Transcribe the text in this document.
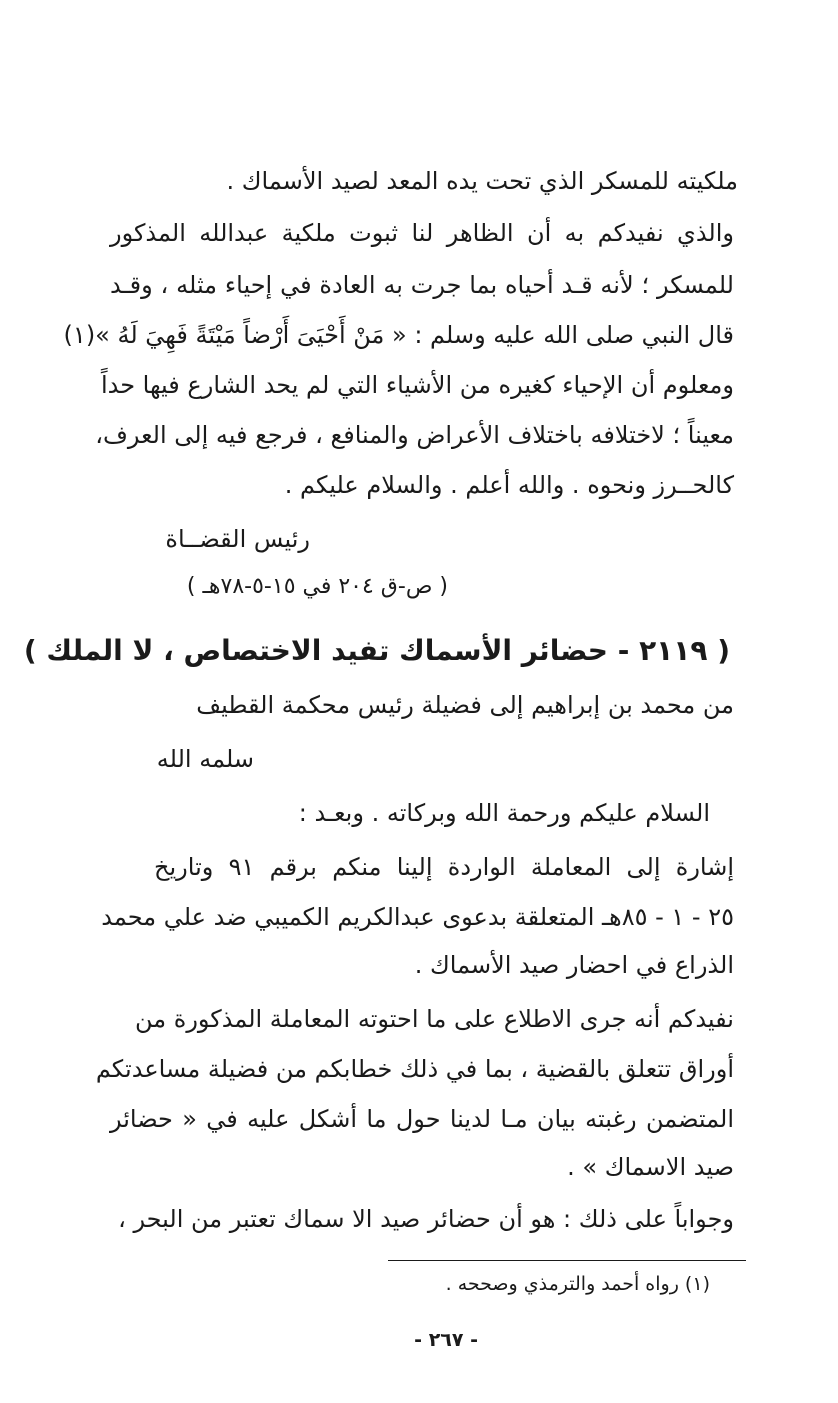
ملكيته للمسكر الذي تحت يده المعد لصيد الأسماك .
والذي نفيدكم به أن الظاهر لنا ثبوت ملكية عبدالله المذكور
للمسكر ؛ لأنه قـد أحياه بما جرت به العادة في إحياء مثله ، وقـد
قال النبي صلى الله عليه وسلم : « مَنْ أَحْيَىَ أَرْضاً مَيْتَةً فَهِيَ لَهُ »(١)
ومعلوم أن الإحياء كغيره من الأشياء التي لم يحد الشارع فيها حداً
معيناً ؛ لاختلافه باختلاف الأعراض والمنافع ، فرجع فيه إلى العرف،
كالحــرز ونحوه . والله أعلم . والسلام عليكم .
رئيس القضــاة
( ص-ق ٢٠٤ في ١٥-٥-٧٨هـ )
( ٢١١٩ - حضائر الأسماك تفيد الاختصاص ، لا الملك )
من محمد بن إبراهيم إلى فضيلة رئيس محكمة القطيف
سلمه الله
السلام عليكم ورحمة الله وبركاته . وبعـد :
إشارة إلى المعاملة الواردة إلينا منكم برقم ٩١ وتاريخ
٢٥ - ١ - ٨٥هـ المتعلقة بدعوى عبدالكريم الكميبي ضد علي محمد
الذراع في احضار صيد الأسماك .
نفيدكم أنه جرى الاطلاع على ما احتوته المعاملة المذكورة من
أوراق تتعلق بالقضية ، بما في ذلك خطابكم من فضيلة مساعدتكم
المتضمن رغبته بيان مـا لدينا حول ما أشكل عليه في « حضائر
صيد الاسماك » .
وجواباً على ذلك : هو أن حضائر صيد الا سماك تعتبر من البحر ،
(١) رواه أحمد والترمذي وصححه .
- ٢٦٧ -
